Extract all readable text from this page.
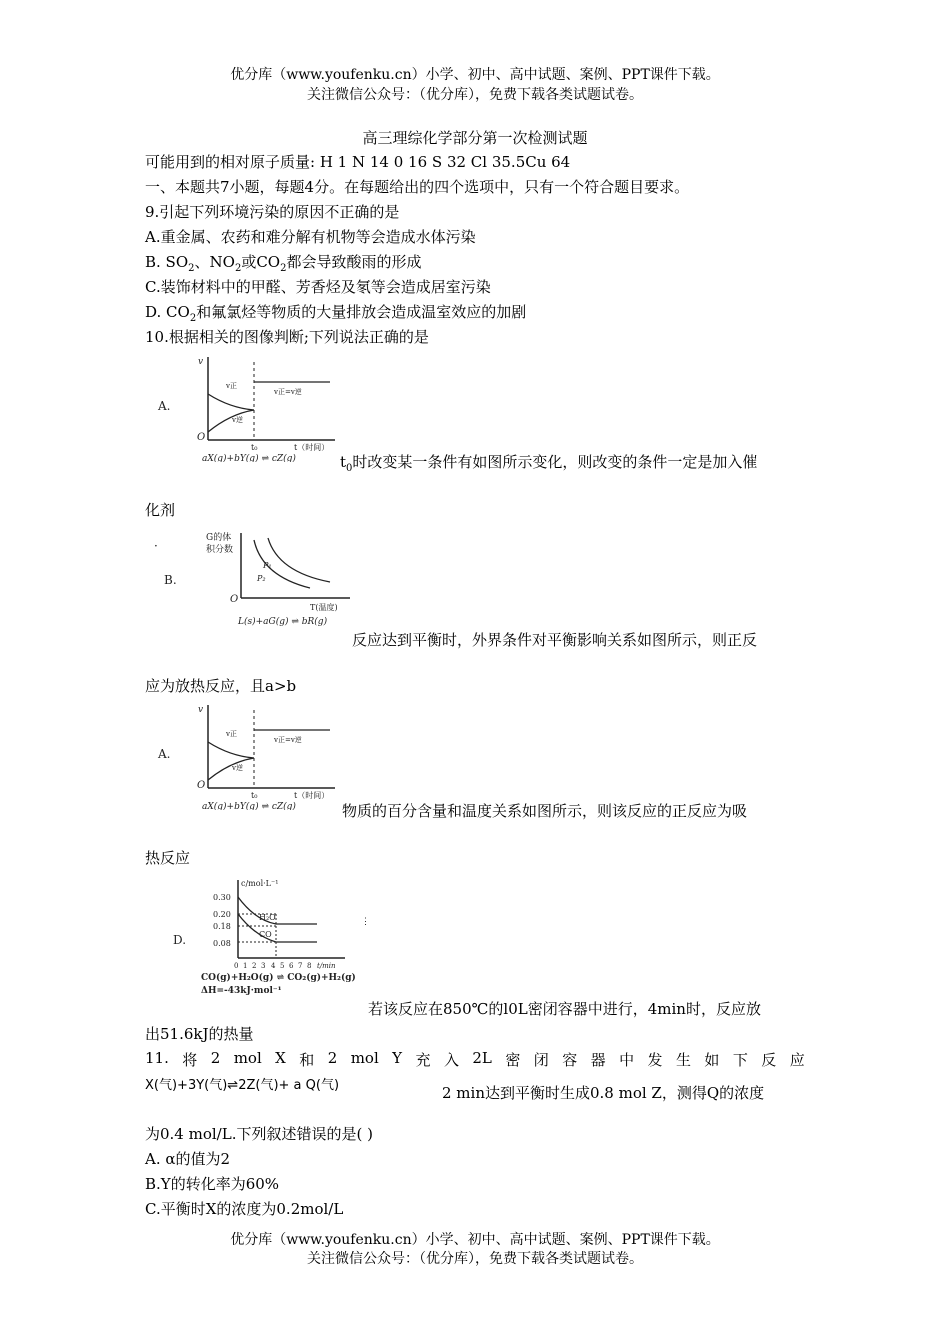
优分库（www.youfenku.cn）小学、初中、高中试题、案例、PPT课件下载。
关注微信公众号：（优分库），免费下载各类试题试卷。
高三理综化学部分第一次检测试题
可能用到的相对原子质量: H 1 N 14 0 16 S 32 Cl 35.5Cu 64
一、本题共7小题，每题4分。在每题给出的四个选项中，只有一个符合题目要求。
9.引起下列环境污染的原因不正确的是
A.重金属、农药和难分解有机物等会造成水体污染
B. $SO_2$、$NO_2$或$CO_2$都会导致酸雨的形成
C.装饰材料中的甲醛、芳香烃及氡等会造成居室污染
D. $CO_2$和氟氯烃等物质的大量排放会造成温室效应的加剧
10.根据相关的图像判断;下列说法正确的是
A.
v
O
v正
v逆
v正=v逆
t₀	t（时间）
aX(g)+bY(g) ⇌ cZ(g)	$t_0$时改变某一条件有如图所示变化，则改变的条件一定是加入催
化剂
·
B.
G的体
积分数
O
P₁
P₂
T(温度)
L(s)+aG(g) ⇌ bR(g)
反应达到平衡时，外界条件对平衡影响关系如图所示，则正反
应为放热反应，且a>b
A.
v
O
v正
v逆
v正=v逆
t₀	t（时间）
aX(g)+bY(g) ⇌ cZ(g)	物质的百分含量和温度关系如图所示，则该反应的正反应为吸
热反应
D.
c/mol·L⁻¹
0.30
0.20
0.18
0.08
H₂O
CO
0 1 2 3 4 5 6 7 8 t/min
CO(g)+H₂O(g) ⇌ CO₂(g)+H₂(g)
ΔH=-43kJ·mol⁻¹
⋮
若该反应在850℃的l0L密闭容器中进行，4min时，反应放
出51.6kJ的热量
11. 将 2 mol X 和 2 mol Y 充 入 2L 密 闭 容 器 中 发 生 如 下 反 应
X(气)+3Y(气)⇌2Z(气)+ a Q(气)	2 min达到平衡时生成0.8 mol Z，测得Q的浓度
为0.4 mol/L.下列叙述错误的是( )
A. α的值为2
B.Y的转化率为60%
C.平衡时X的浓度为0.2mol/L
优分库（www.youfenku.cn）小学、初中、高中试题、案例、PPT课件下载。
关注微信公众号：（优分库），免费下载各类试题试卷。
